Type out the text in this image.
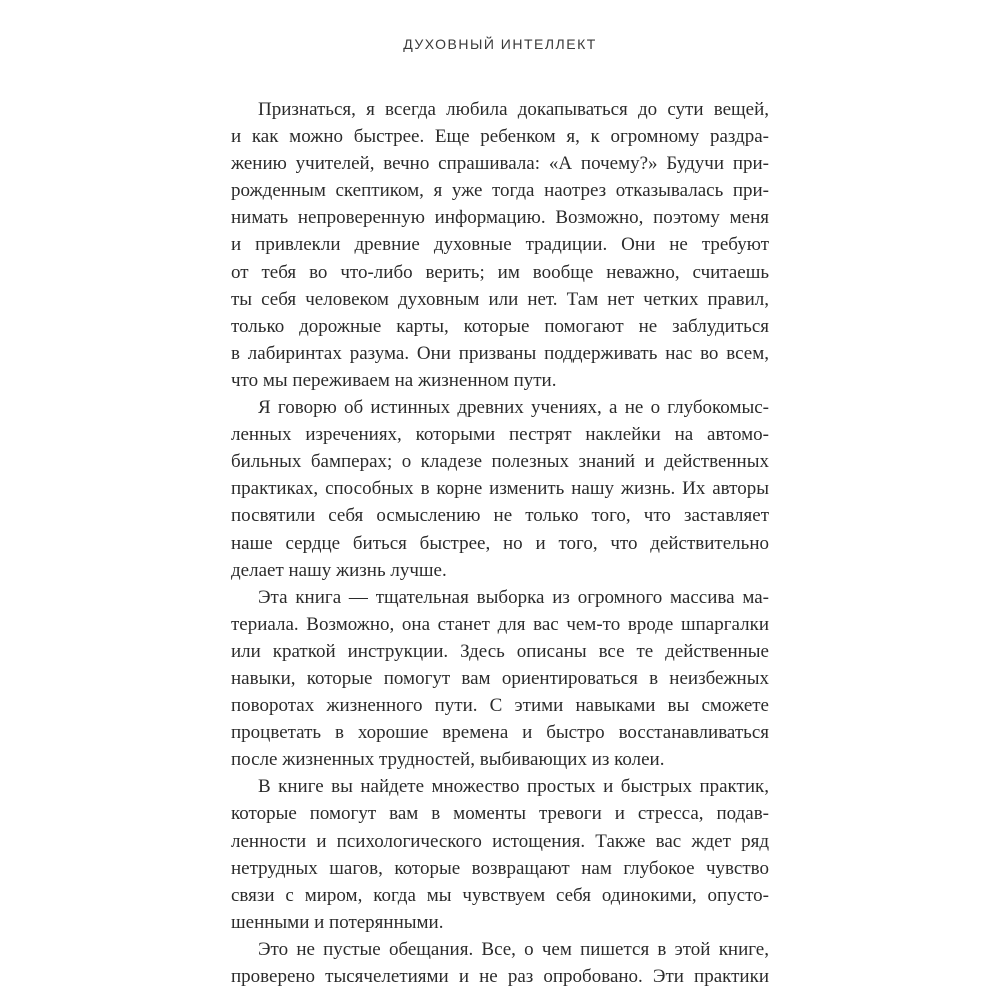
ДУХОВНЫЙ ИНТЕЛЛЕКТ
Признаться, я всегда любила докапываться до сути вещей,
и как можно быстрее. Еще ребенком я, к огромному раздра-
жению учителей, вечно спрашивала: «А почему?» Будучи при-
рожденным скептиком, я уже тогда наотрез отказывалась при-
нимать непроверенную информацию. Возможно, поэтому меня
и привлекли древние духовные традиции. Они не требуют
от тебя во что-либо верить; им вообще неважно, считаешь
ты себя человеком духовным или нет. Там нет четких правил,
только дорожные карты, которые помогают не заблудиться
в лабиринтах разума. Они призваны поддерживать нас во всем,
что мы переживаем на жизненном пути.
Я говорю об истинных древних учениях, а не о глубокомыс-
ленных изречениях, которыми пестрят наклейки на автомо-
бильных бамперах; о кладезе полезных знаний и действенных
практиках, способных в корне изменить нашу жизнь. Их авторы
посвятили себя осмыслению не только того, что заставляет
наше сердце биться быстрее, но и того, что действительно
делает нашу жизнь лучше.
Эта книга — тщательная выборка из огромного массива ма-
териала. Возможно, она станет для вас чем-то вроде шпаргалки
или краткой инструкции. Здесь описаны все те действенные
навыки, которые помогут вам ориентироваться в неизбежных
поворотах жизненного пути. С этими навыками вы сможете
процветать в хорошие времена и быстро восстанавливаться
после жизненных трудностей, выбивающих из колеи.
В книге вы найдете множество простых и быстрых практик,
которые помогут вам в моменты тревоги и стресса, подав-
ленности и психологического истощения. Также вас ждет ряд
нетрудных шагов, которые возвращают нам глубокое чувство
связи с миром, когда мы чувствуем себя одинокими, опусто-
шенными и потерянными.
Это не пустые обещания. Все, о чем пишется в этой книге,
проверено тысячелетиями и не раз опробовано. Эти практики
